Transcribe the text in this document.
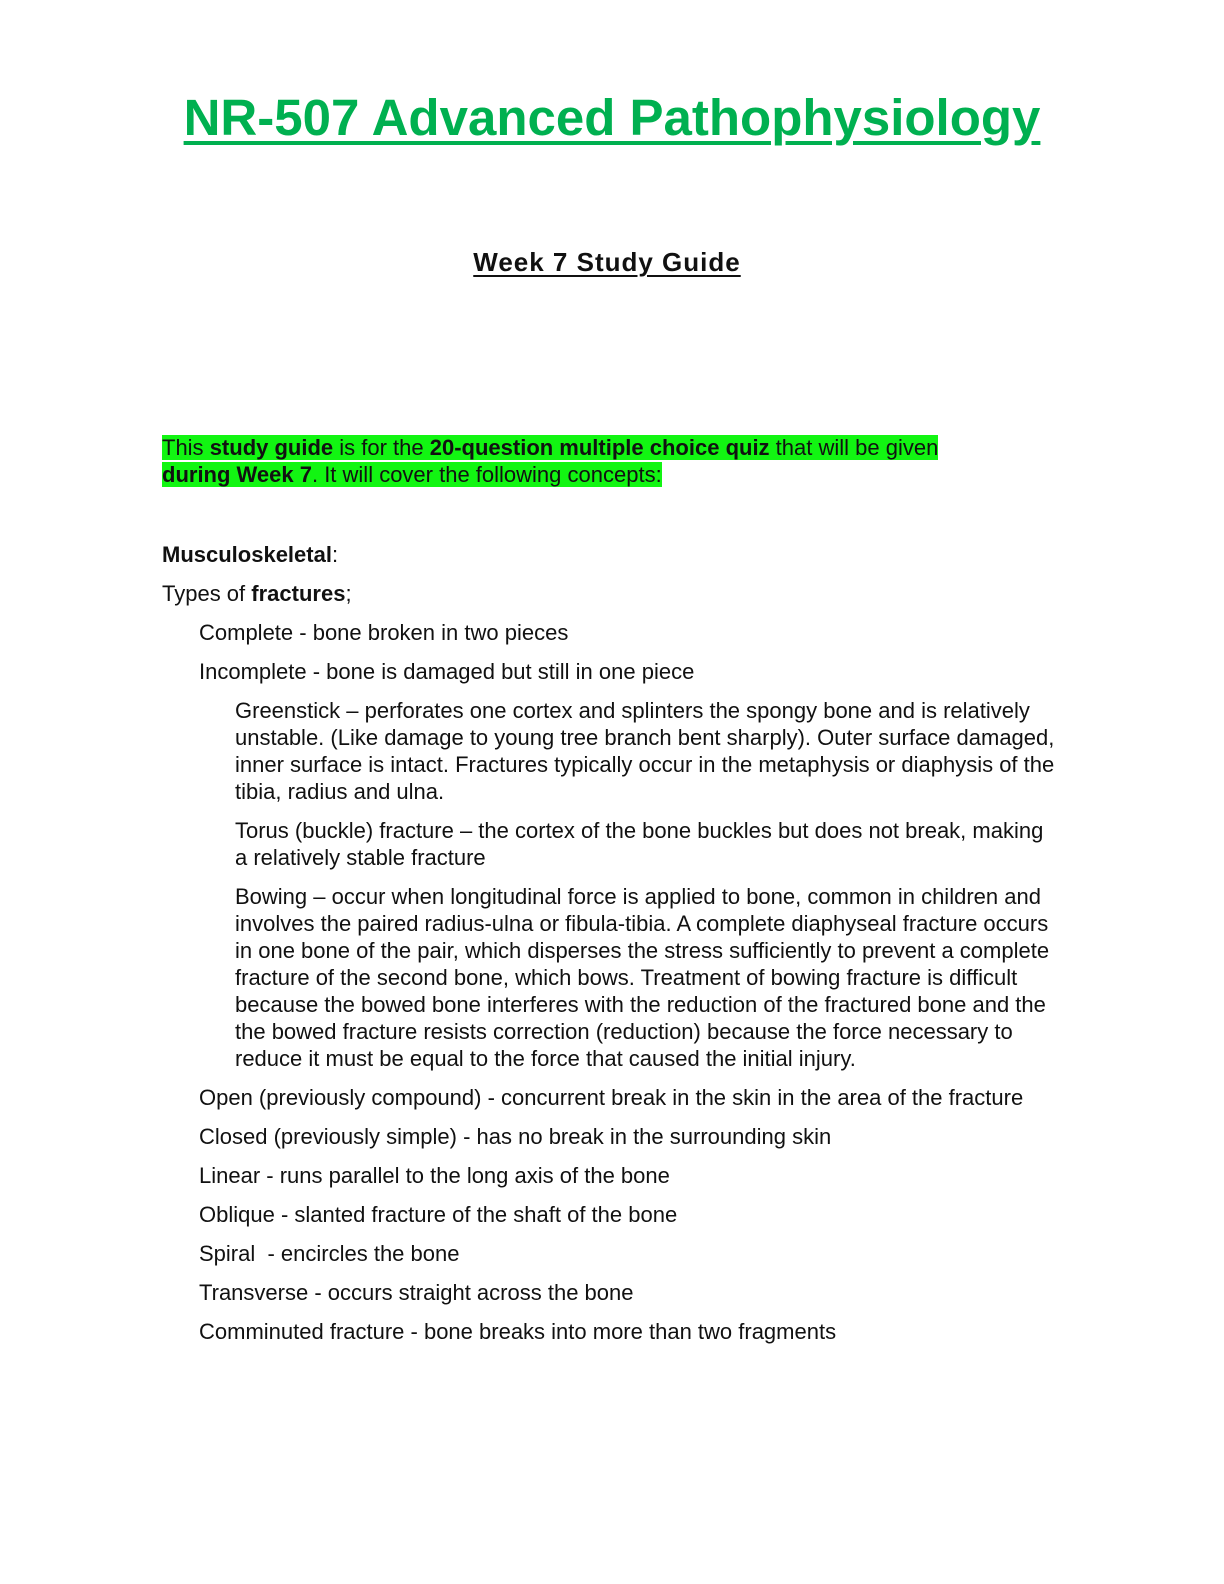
NR-507 Advanced Pathophysiology
Week 7 Study Guide

This study guide is for the 20-question multiple choice quiz that will be given during Week 7. It will cover the following concepts:

Musculoskeletal:

Types of fractures;

Complete - bone broken in two pieces
Incomplete - bone is damaged but still in one piece
Greenstick – perforates one cortex and splinters the spongy bone and is relatively unstable. (Like damage to young tree branch bent sharply). Outer surface damaged, inner surface is intact. Fractures typically occur in the metaphysis or diaphysis of the tibia, radius and ulna.
Torus (buckle) fracture – the cortex of the bone buckles but does not break, making a relatively stable fracture
Bowing – occur when longitudinal force is applied to bone, common in children and involves the paired radius-ulna or fibula-tibia. A complete diaphyseal fracture occurs in one bone of the pair, which disperses the stress sufficiently to prevent a complete fracture of the second bone, which bows. Treatment of bowing fracture is difficult because the bowed bone interferes with the reduction of the fractured bone and the the bowed fracture resists correction (reduction) because the force necessary to reduce it must be equal to the force that caused the initial injury.
Open (previously compound) - concurrent break in the skin in the area of the fracture
Closed (previously simple) - has no break in the surrounding skin
Linear - runs parallel to the long axis of the bone
Oblique - slanted fracture of the shaft of the bone
Spiral  - encircles the bone
Transverse - occurs straight across the bone
Comminuted fracture - bone breaks into more than two fragments
